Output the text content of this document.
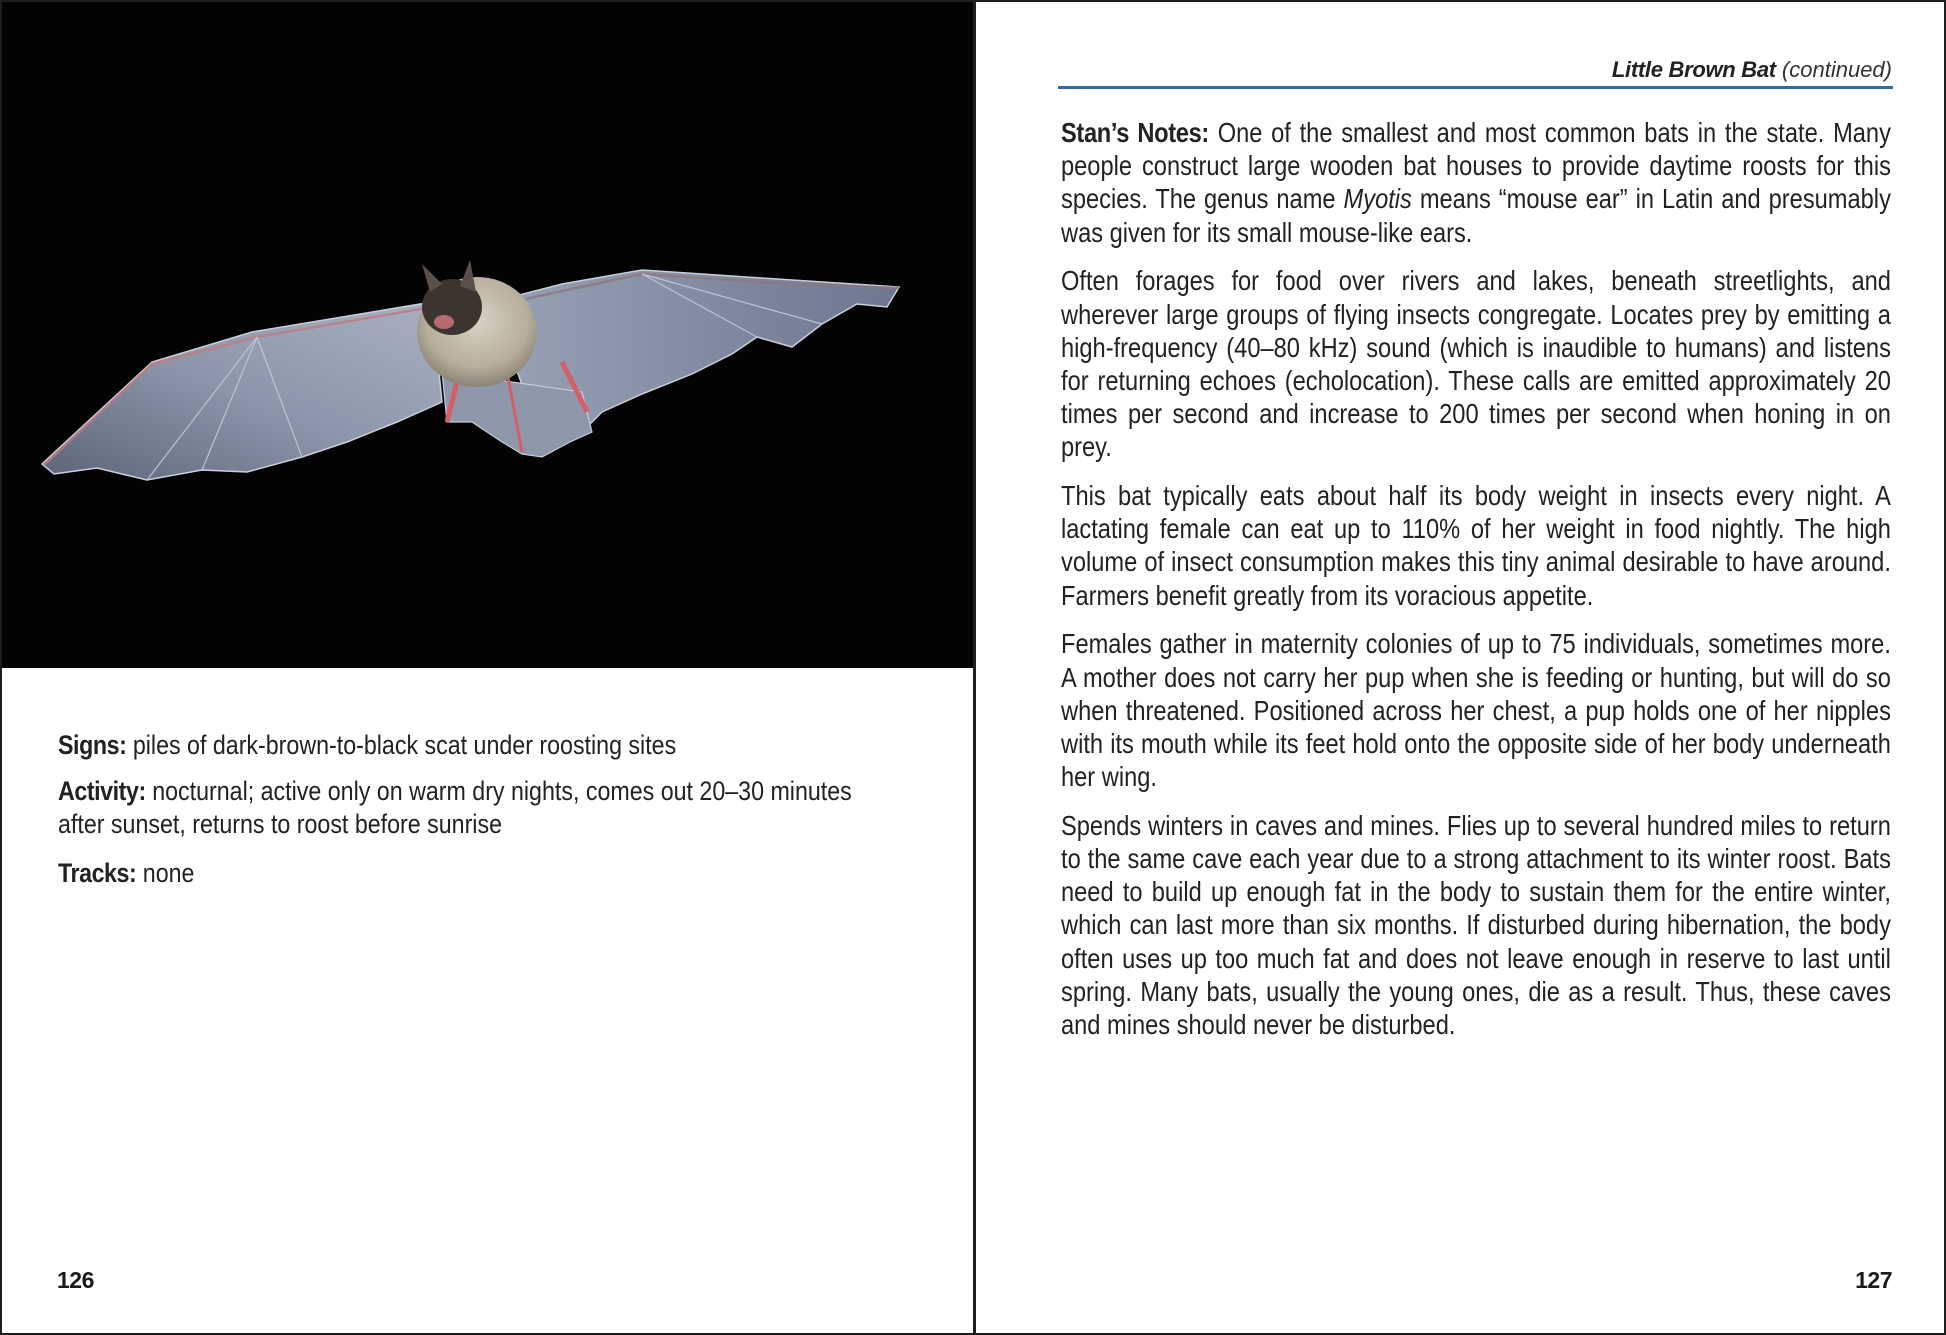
Signs: piles of dark-brown-to-black scat under roosting sites
Activity: nocturnal; active only on warm dry nights, comes out 20–30 minutes after sunset, returns to roost before sunrise
Tracks: none
126
Little Brown Bat (continued)

Stan’s Notes: One of the smallest and most common bats in the state. Many people construct large wooden bat houses to provide daytime roosts for this species. The genus name Myotis means “mouse ear” in Latin and presumably was given for its small mouse-like ears.

Often forages for food over rivers and lakes, beneath streetlights, and wherever large groups of flying insects congregate. Locates prey by emitting a high-frequency (40–80 kHz) sound (which is inaudible to humans) and listens for returning echoes (echolocation). These calls are emitted approximately 20 times per second and increase to 200 times per second when honing in on prey.

This bat typically eats about half its body weight in insects every night. A lactating female can eat up to 110% of her weight in food nightly. The high volume of insect consumption makes this tiny animal desirable to have around. Farmers benefit greatly from its voracious appetite.

Females gather in maternity colonies of up to 75 individuals, sometimes more. A mother does not carry her pup when she is feeding or hunting, but will do so when threatened. Positioned across her chest, a pup holds one of her nipples with its mouth while its feet hold onto the opposite side of her body underneath her wing.

Spends winters in caves and mines. Flies up to several hundred miles to return to the same cave each year due to a strong attachment to its winter roost. Bats need to build up enough fat in the body to sustain them for the entire winter, which can last more than six months. If disturbed during hibernation, the body often uses up too much fat and does not leave enough in reserve to last until spring. Many bats, usually the young ones, die as a result. Thus, these caves and mines should never be disturbed.

127
